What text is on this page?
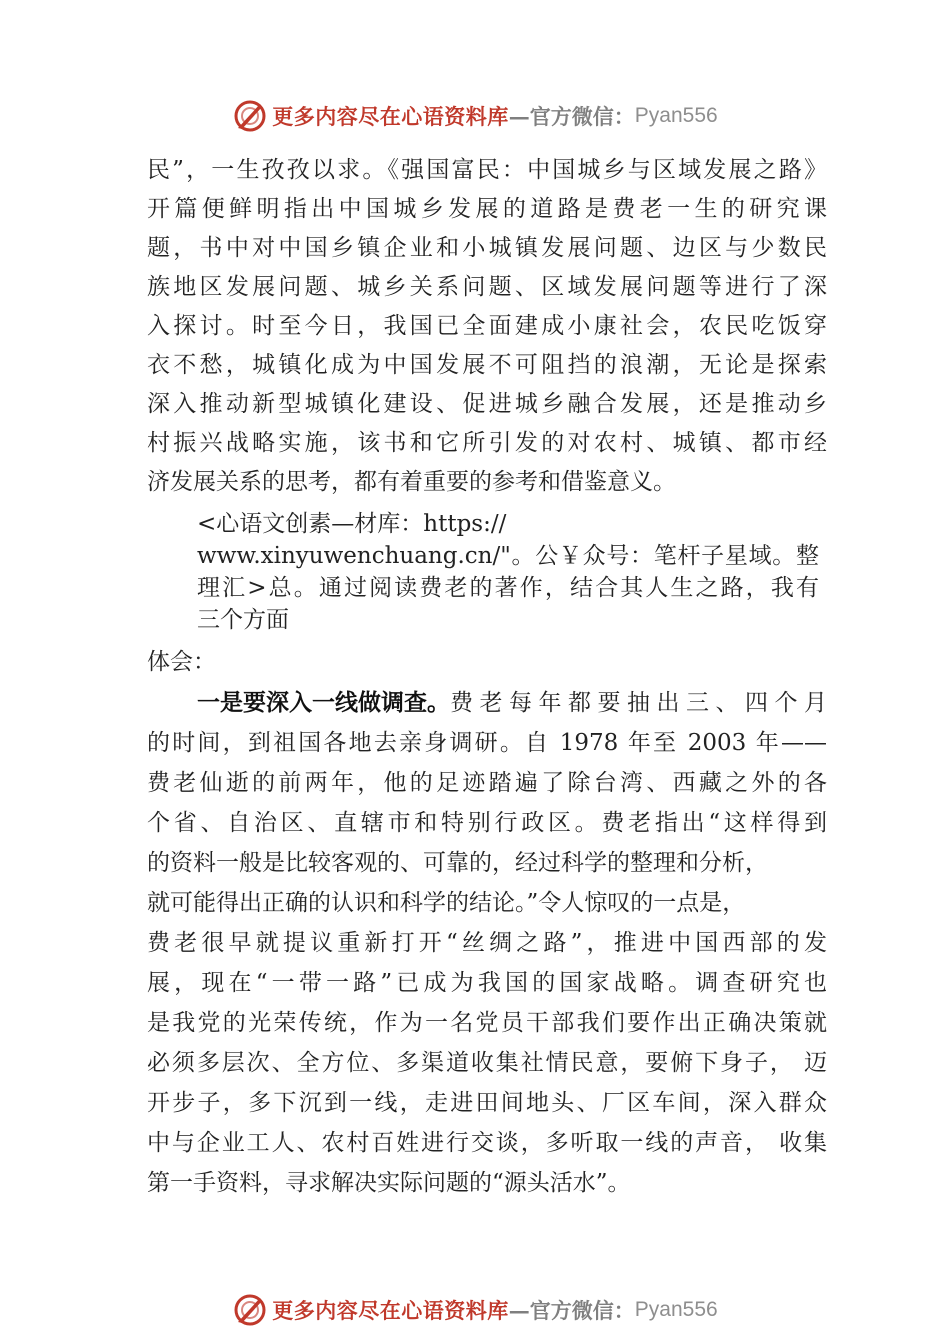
更多内容尽在心语资料库 —官方微信： Pyan556
民”，一生孜孜以求。《强国富民：中国城乡与区域发展之路》
开篇便鲜明指出中国城乡发展的道路是费老一生的研究课
题，书中对中国乡镇企业和小城镇发展问题、边区与少数民
族地区发展问题、城乡关系问题、区域发展问题等进行了深
入探讨。时至今日，我国已全面建成小康社会，农民吃饭穿
衣不愁，城镇化成为中国发展不可阻挡的浪潮，无论是探索
深入推动新型城镇化建设、促进城乡融合发展，还是推动乡
村振兴战略实施，该书和它所引发的对农村、城镇、都市经
济发展关系的思考，都有着重要的参考和借鉴意义。
<心语文创素—材库：https://
www.xinyuwenchuang.cn/"。公￥众号：笔杆子星域。整
理汇>总。通过阅读费老的著作，结合其人生之路，我有
三个方面
体会：
一是要深入一线做调查。 费老每年都要抽出三、四个月
的时间，到祖国各地去亲身调研。自 1978 年至 2003 年——
费老仙逝的前两年，他的足迹踏遍了除台湾、西藏之外的各
个省、自治区、直辖市和特别行政区。费老指出“这样得到
的资料一般是比较客观的、可靠的，经过科学的整理和分析，
就可能得出正确的认识和科学的结论。”令人惊叹的一点是，
费老很早就提议重新打开“丝绸之路”，推进中国西部的发
展，现在“一带一路”已成为我国的国家战略。调查研究也
是我党的光荣传统，作为一名党员干部我们要作出正确决策就
必须多层次、全方位、多渠道收集社情民意，要俯下身子， 迈
开步子，多下沉到一线，走进田间地头、厂区车间，深入群众
中与企业工人、农村百姓进行交谈，多听取一线的声音， 收集
第一手资料，寻求解决实际问题的“源头活水”。
更多内容尽在心语资料库 —官方微信： Pyan556
